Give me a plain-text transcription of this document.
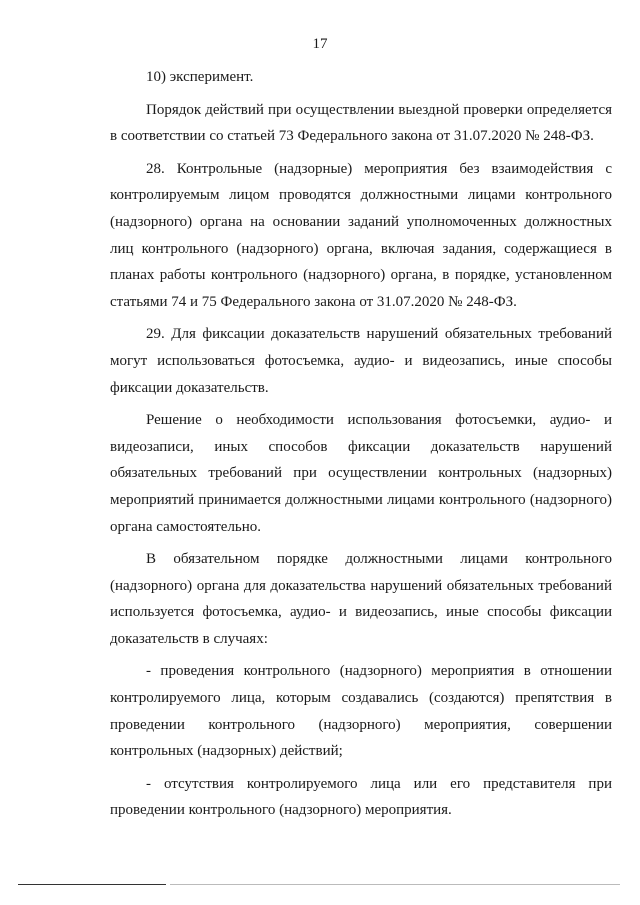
17

10) эксперимент.

Порядок действий при осуществлении выездной проверки определяется в соответствии со статьей 73 Федерального закона от 31.07.2020 № 248-ФЗ.

28. Контрольные (надзорные) мероприятия без взаимодействия с контролируемым лицом проводятся должностными лицами контрольного (надзорного) органа на основании заданий уполномоченных должностных лиц контрольного (надзорного) органа, включая задания, содержащиеся в планах работы контрольного (надзорного) органа, в порядке, установленном статьями 74 и 75 Федерального закона от 31.07.2020 № 248-ФЗ.

29. Для фиксации доказательств нарушений обязательных требований могут использоваться фотосъемка, аудио- и видеозапись, иные способы фиксации доказательств.

Решение о необходимости использования фотосъемки, аудио- и видеозаписи, иных способов фиксации доказательств нарушений обязательных требований при осуществлении контрольных (надзорных) мероприятий принимается должностными лицами контрольного (надзорного) органа самостоятельно.

В обязательном порядке должностными лицами контрольного (надзорного) органа для доказательства нарушений обязательных требований используется фотосъемка, аудио- и видеозапись, иные способы фиксации доказательств в случаях:

- проведения контрольного (надзорного) мероприятия в отношении контролируемого лица, которым создавались (создаются) препятствия в проведении контрольного (надзорного) мероприятия, совершении контрольных (надзорных) действий;

- отсутствия контролируемого лица или его представителя при проведении контрольного (надзорного) мероприятия.
